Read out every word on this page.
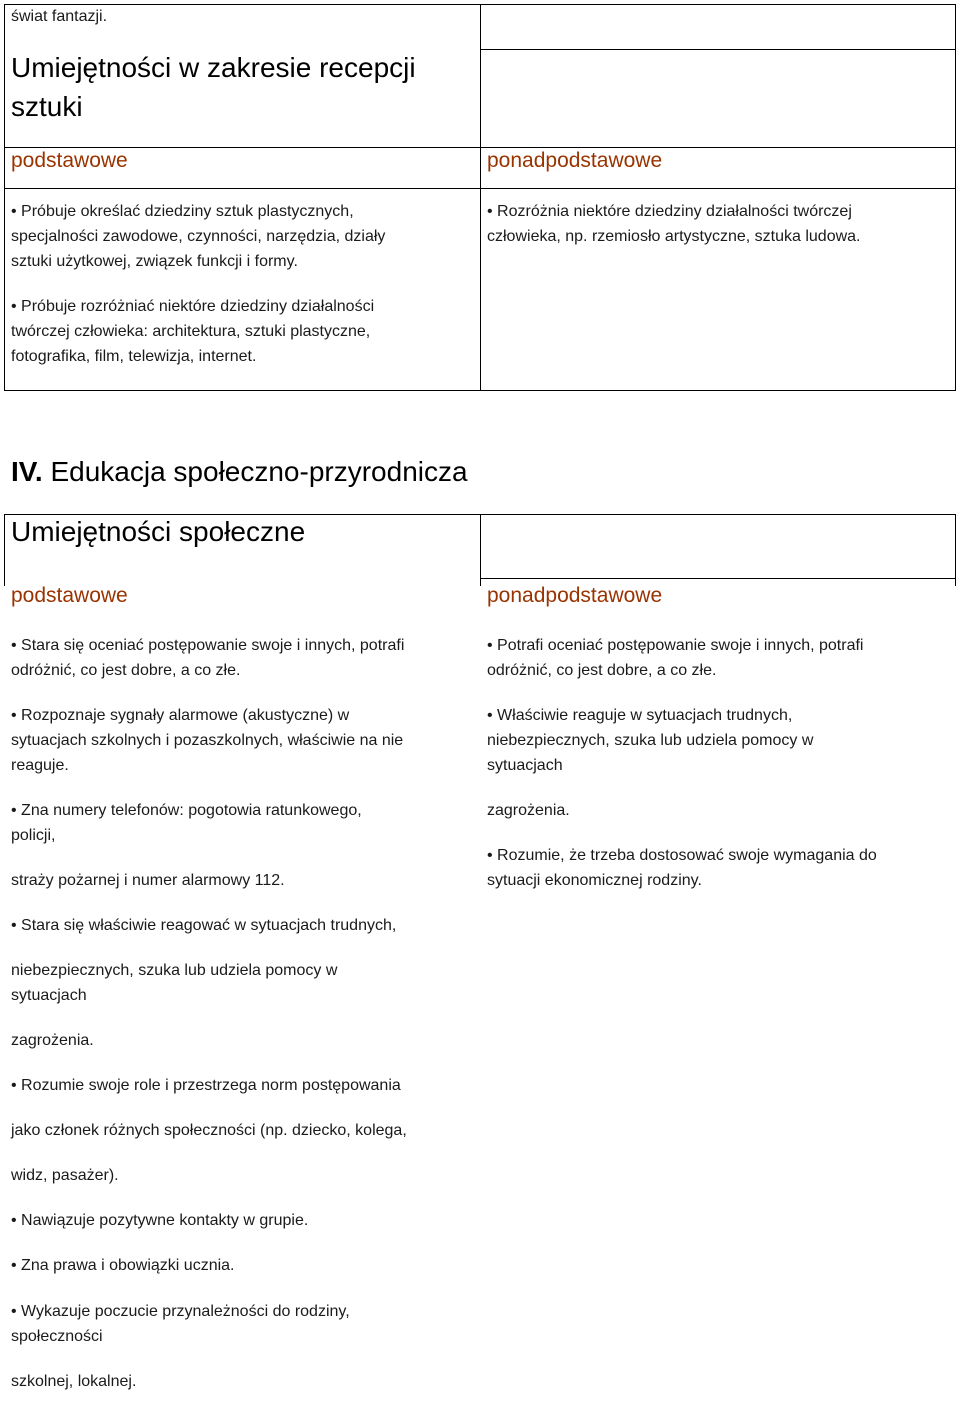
świat fantazji.

Umiejętności w zakresie recepcji

sztuki

podstawowe	ponadpodstawowe

• Próbuje określać dziedziny sztuk plastycznych,

specjalności zawodowe, czynności, narzędzia, działy

sztuki użytkowej, związek funkcji i formy.

• Próbuje rozróżniać niektóre dziedziny działalności

twórczej człowieka: architektura, sztuki plastyczne,

fotografika, film, telewizja, internet.

• Rozróżnia niektóre dziedziny działalności twórczej

człowieka, np. rzemiosło artystyczne, sztuka ludowa.

IV. Edukacja społeczno-przyrodnicza

Umiejętności społeczne

podstawowe	ponadpodstawowe

• Stara się oceniać postępowanie swoje i innych, potrafi

odróżnić, co jest dobre, a co złe.

• Rozpoznaje sygnały alarmowe (akustyczne) w

sytuacjach szkolnych i pozaszkolnych, właściwie na nie

reaguje.

• Zna numery telefonów: pogotowia ratunkowego,

policji,

straży pożarnej i numer alarmowy 112.

• Stara się właściwie reagować w sytuacjach trudnych,

niebezpiecznych, szuka lub udziela pomocy w

sytuacjach

zagrożenia.

• Rozumie swoje role i przestrzega norm postępowania

jako członek różnych społeczności (np. dziecko, kolega,

widz, pasażer).

• Nawiązuje pozytywne kontakty w grupie.

• Zna prawa i obowiązki ucznia.

• Wykazuje poczucie przynależności do rodziny,

społeczności

szkolnej, lokalnej.

• Potrafi oceniać postępowanie swoje i innych, potrafi

odróżnić, co jest dobre, a co złe.

• Właściwie reaguje w sytuacjach trudnych,

niebezpiecznych, szuka lub udziela pomocy w

sytuacjach

zagrożenia.

• Rozumie, że trzeba dostosować swoje wymagania do

sytuacji ekonomicznej rodziny.
